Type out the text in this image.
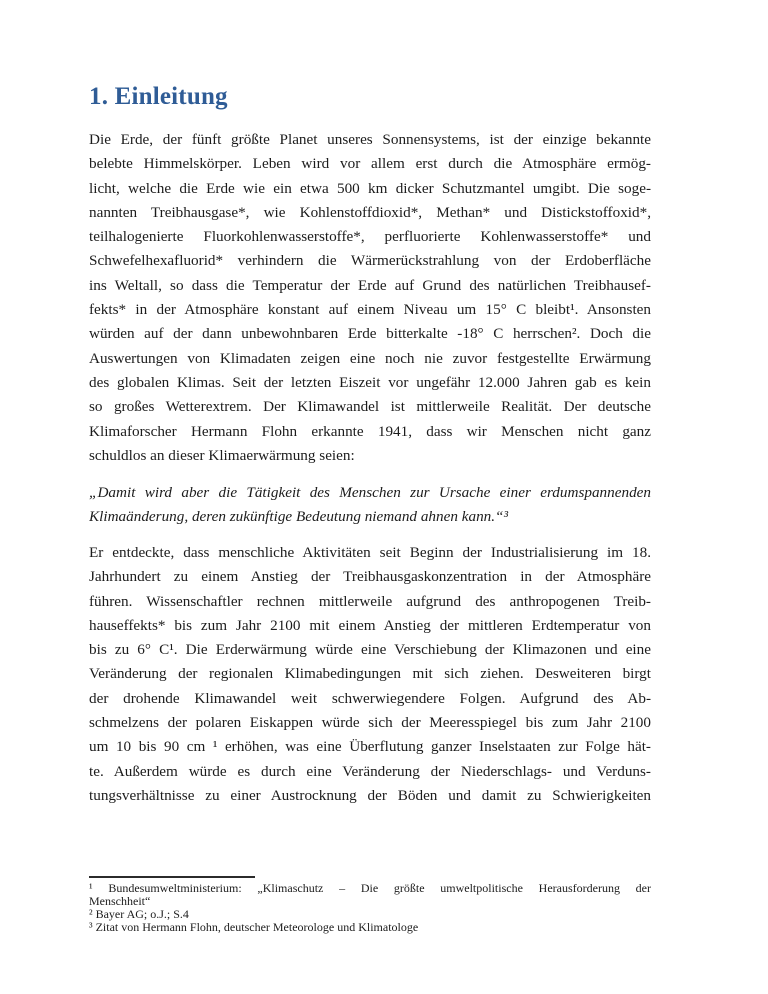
1. Einleitung
Die Erde, der fünft größte Planet unseres Sonnensystems, ist der einzige bekannte
belebte Himmelskörper. Leben wird vor allem erst durch die Atmosphäre ermög-
licht, welche die Erde wie ein etwa 500 km dicker Schutzmantel umgibt. Die soge-
nannten Treibhausgase*, wie Kohlenstoffdioxid*, Methan* und Distickstoffoxid*,
teilhalogenierte Fluorkohlenwasserstoffe*, perfluorierte Kohlenwasserstoffe* und
Schwefelhexafluorid* verhindern die Wärmerückstrahlung von der Erdoberfläche
ins Weltall, so dass die Temperatur der Erde auf Grund des natürlichen Treibhausef-
fekts* in der Atmosphäre konstant auf einem Niveau um 15° C bleibt¹. Ansonsten
würden auf der dann unbewohnbaren Erde bitterkalte -18° C herrschen². Doch die
Auswertungen von Klimadaten zeigen eine noch nie zuvor festgestellte Erwärmung
des globalen Klimas. Seit der letzten Eiszeit vor ungefähr 12.000 Jahren gab es kein
so großes Wetterextrem. Der Klimawandel ist mittlerweile Realität. Der deutsche
Klimaforscher Hermann Flohn erkannte 1941, dass wir Menschen nicht ganz
schuldlos an dieser Klimaerwärmung seien:
„Damit wird aber die Tätigkeit des Menschen zur Ursache einer erdumspannenden
Klimaänderung, deren zukünftige Bedeutung niemand ahnen kann.“³
Er entdeckte, dass menschliche Aktivitäten seit Beginn der Industrialisierung im 18.
Jahrhundert zu einem Anstieg der Treibhausgaskonzentration in der Atmosphäre
führen. Wissenschaftler rechnen mittlerweile aufgrund des anthropogenen Treib-
hauseffekts* bis zum Jahr 2100 mit einem Anstieg der mittleren Erdtemperatur von
bis zu 6° C¹. Die Erderwärmung würde eine Verschiebung der Klimazonen und eine
Veränderung der regionalen Klimabedingungen mit sich ziehen. Desweiteren birgt
der drohende Klimawandel weit schwerwiegendere Folgen. Aufgrund des Ab-
schmelzens der polaren Eiskappen würde sich der Meeresspiegel bis zum Jahr 2100
um 10 bis 90 cm ¹ erhöhen, was eine Überflutung ganzer Inselstaaten zur Folge hät-
te. Außerdem würde es durch eine Veränderung der Niederschlags- und Verduns-
tungsverhältnisse zu einer Austrocknung der Böden und damit zu Schwierigkeiten
¹ Bundesumweltministerium: „Klimaschutz – Die größte umweltpolitische Herausforderung der
Menschheit“
² Bayer AG; o.J.; S.4
³ Zitat von Hermann Flohn, deutscher Meteorologe und Klimatologe
